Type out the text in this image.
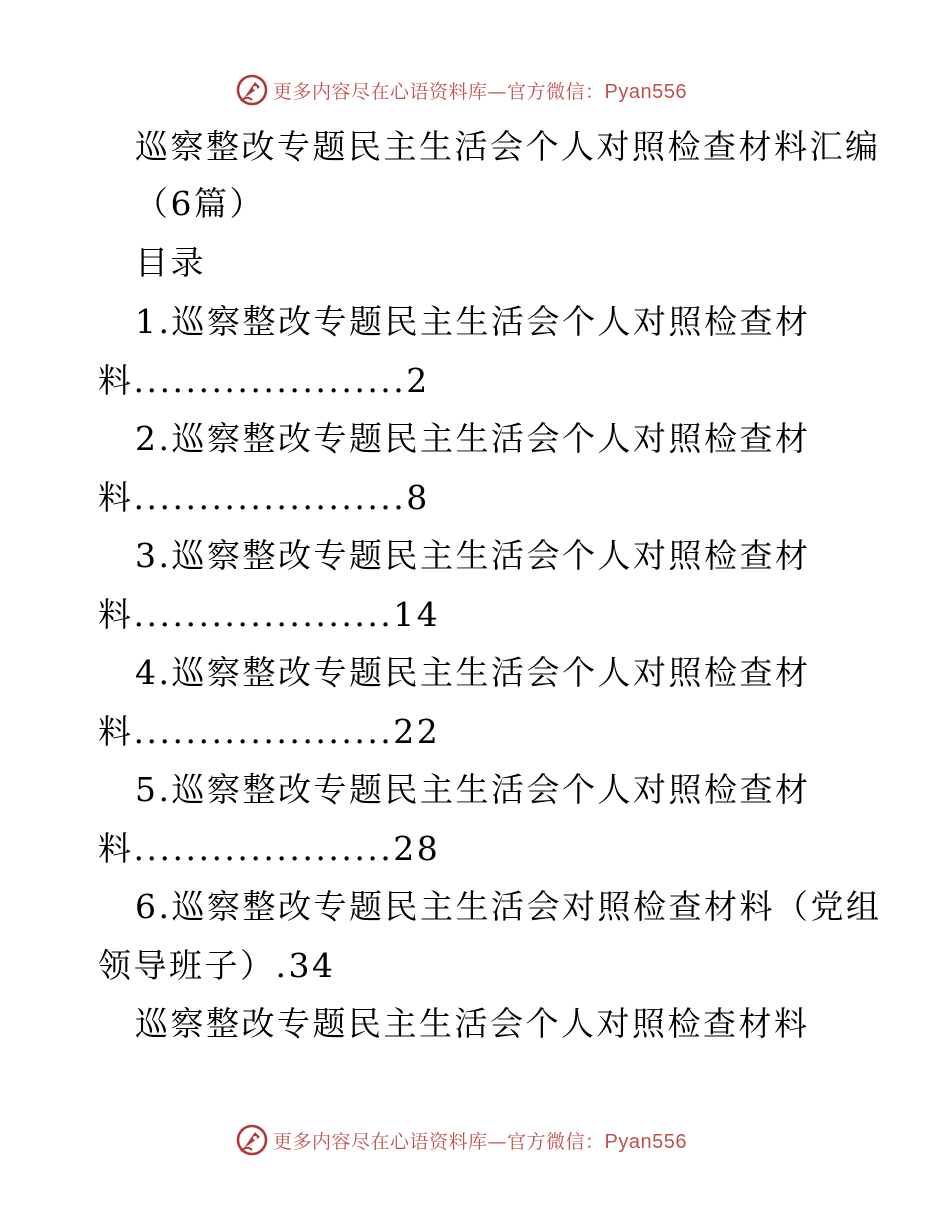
更多内容尽在心语资料库—官方微信：Pyan556
巡察整改专题民主生活会个人对照检查材料汇编
（6篇）
目录
1.巡察整改专题民主生活会个人对照检查材
料.....................2
2.巡察整改专题民主生活会个人对照检查材
料.....................8
3.巡察整改专题民主生活会个人对照检查材
料....................14
4.巡察整改专题民主生活会个人对照检查材
料....................22
5.巡察整改专题民主生活会个人对照检查材
料....................28
6.巡察整改专题民主生活会对照检查材料（党组
领导班子）.34
巡察整改专题民主生活会个人对照检查材料
更多内容尽在心语资料库—官方微信：Pyan556
